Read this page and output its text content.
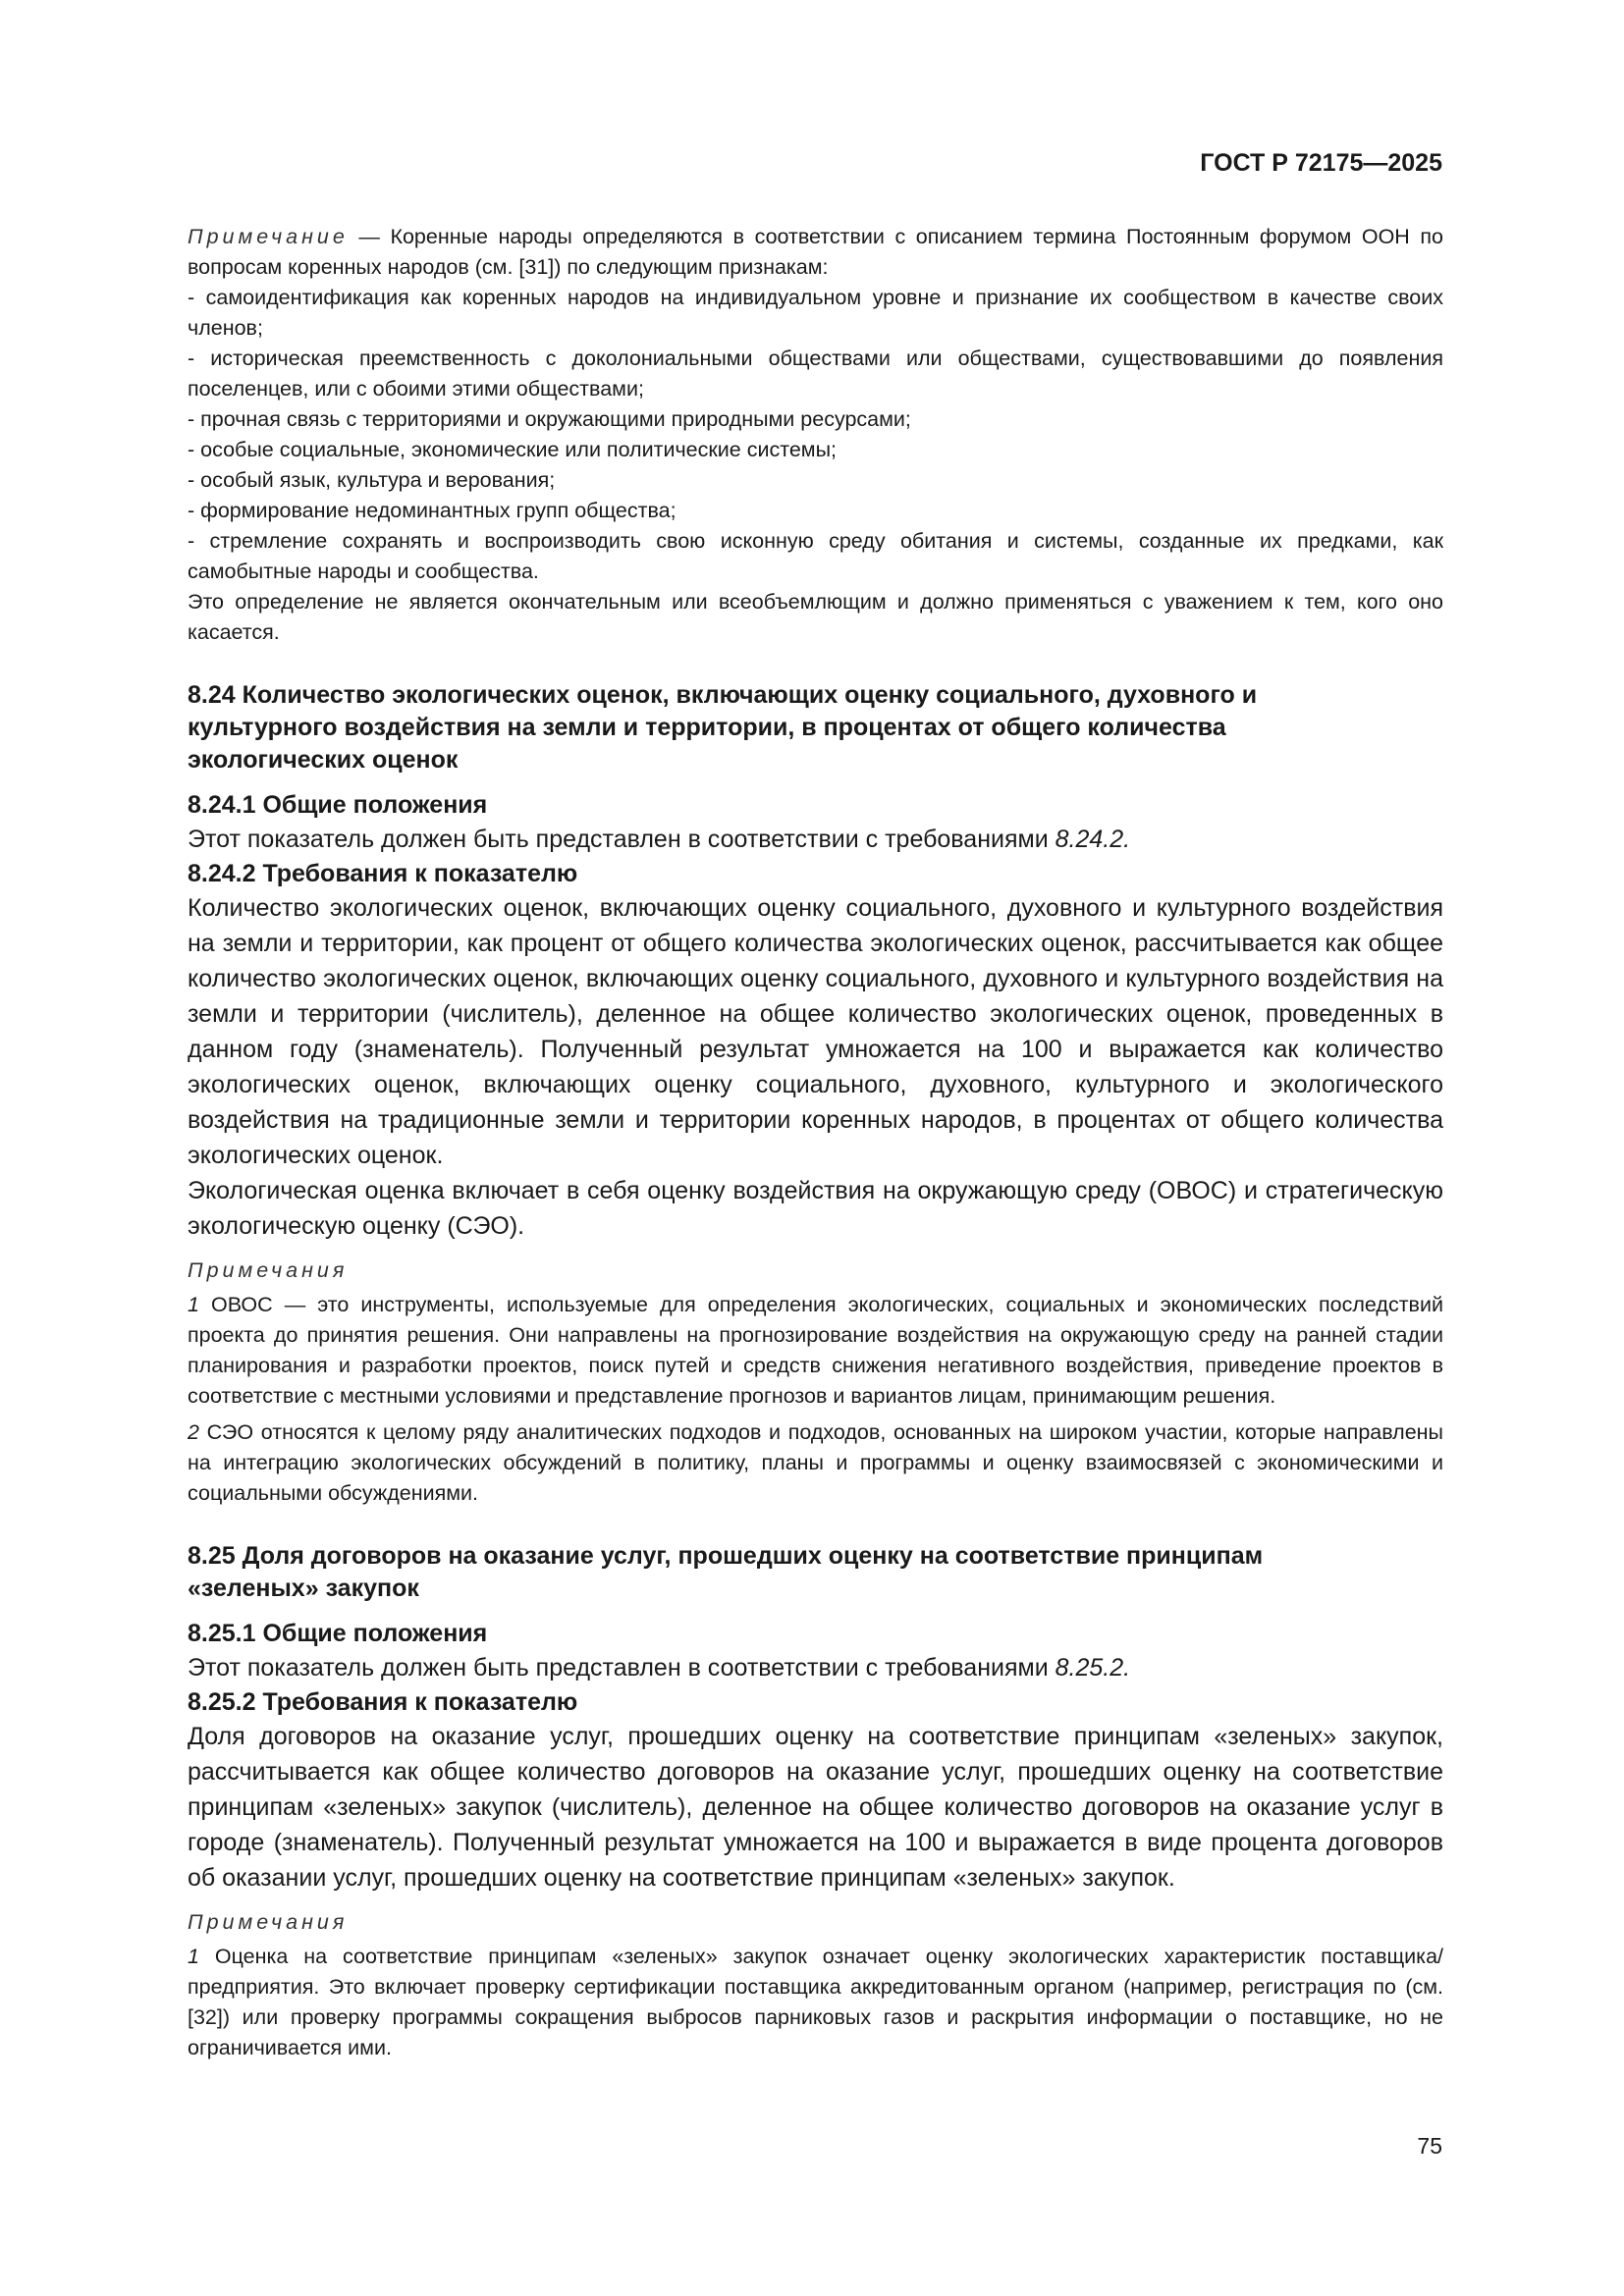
ГОСТ Р 72175—2025

Примечание — Коренные народы определяются в соответствии с описанием термина Постоянным форумом ООН по вопросам коренных народов (см. [31]) по следующим признакам:

- самоидентификация как коренных народов на индивидуальном уровне и признание их сообществом в качестве своих членов;

- историческая преемственность с доколониальными обществами или обществами, существовавшими до появления поселенцев, или с обоими этими обществами;

- прочная связь с территориями и окружающими природными ресурсами;

- особые социальные, экономические или политические системы;

- особый язык, культура и верования;

- формирование недоминантных групп общества;

- стремление сохранять и воспроизводить свою исконную среду обитания и системы, созданные их предками, как самобытные народы и сообщества.

Это определение не является окончательным или всеобъемлющим и должно применяться с уважением к тем, кого оно касается.

8.24 Количество экологических оценок, включающих оценку социального, духовного и культурного воздействия на земли и территории, в процентах от общего количества экологических оценок

8.24.1 Общие положения

Этот показатель должен быть представлен в соответствии с требованиями 8.24.2.

8.24.2 Требования к показателю

Количество экологических оценок, включающих оценку социального, духовного и культурного воздействия на земли и территории, как процент от общего количества экологических оценок, рассчитывается как общее количество экологических оценок, включающих оценку социального, духовного и культурного воздействия на земли и территории (числитель), деленное на общее количество экологических оценок, проведенных в данном году (знаменатель). Полученный результат умножается на 100 и выражается как количество экологических оценок, включающих оценку социального, духовного, культурного и экологического воздействия на традиционные земли и территории коренных народов, в процентах от общего количества экологических оценок.

Экологическая оценка включает в себя оценку воздействия на окружающую среду (ОВОС) и стратегическую экологическую оценку (СЭО).

Примечания

1 ОВОС — это инструменты, используемые для определения экологических, социальных и экономических последствий проекта до принятия решения. Они направлены на прогнозирование воздействия на окружающую среду на ранней стадии планирования и разработки проектов, поиск путей и средств снижения негативного воздействия, приведение проектов в соответствие с местными условиями и представление прогнозов и вариантов лицам, принимающим решения.

2 СЭО относятся к целому ряду аналитических подходов и подходов, основанных на широком участии, которые направлены на интеграцию экологических обсуждений в политику, планы и программы и оценку взаимосвязей с экономическими и социальными обсуждениями.

8.25 Доля договоров на оказание услуг, прошедших оценку на соответствие принципам «зеленых» закупок

8.25.1 Общие положения

Этот показатель должен быть представлен в соответствии с требованиями 8.25.2.

8.25.2 Требования к показателю

Доля договоров на оказание услуг, прошедших оценку на соответствие принципам «зеленых» закупок, рассчитывается как общее количество договоров на оказание услуг, прошедших оценку на соответствие принципам «зеленых» закупок (числитель), деленное на общее количество договоров на оказание услуг в городе (знаменатель). Полученный результат умножается на 100 и выражается в виде процента договоров об оказании услуг, прошедших оценку на соответствие принципам «зеленых» закупок.

Примечания

1 Оценка на соответствие принципам «зеленых» закупок означает оценку экологических характеристик поставщика/предприятия. Это включает проверку сертификации поставщика аккредитованным органом (например, регистрация по (см. [32]) или проверку программы сокращения выбросов парниковых газов и раскрытия информации о поставщике, но не ограничивается ими.

75
